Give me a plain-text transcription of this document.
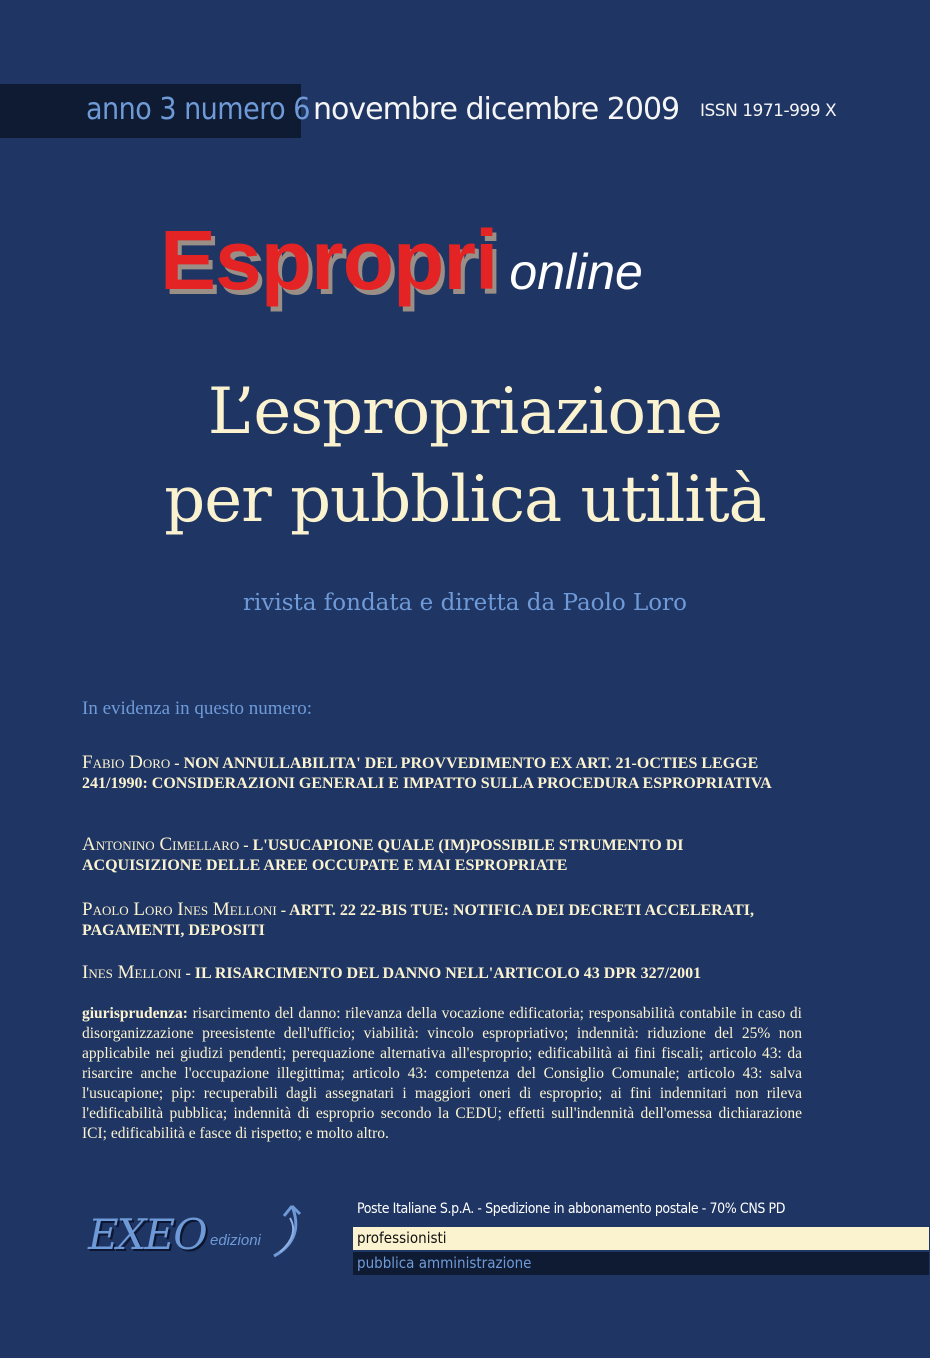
anno 3 numero 6 novembre dicembre 2009 ISSN 1971-999 X
Espropri online
L’espropriazione
per pubblica utilità
rivista fondata e diretta da Paolo Loro
In evidenza in questo numero:
Fabio Doro - NON ANNULLABILITA' DEL PROVVEDIMENTO EX ART. 21-OCTIES LEGGE 241/1990: CONSIDERAZIONI GENERALI E IMPATTO SULLA PROCEDURA ESPROPRIATIVA
Antonino Cimellaro - L'USUCAPIONE QUALE (IM)POSSIBILE STRUMENTO DI ACQUISIZIONE DELLE AREE OCCUPATE E MAI ESPROPRIATE
Paolo Loro Ines Melloni - ARTT. 22 22-BIS TUE: NOTIFICA DEI DECRETI ACCELERATI, PAGAMENTI, DEPOSITI
Ines Melloni - IL RISARCIMENTO DEL DANNO NELL'ARTICOLO 43 DPR 327/2001
giurisprudenza: risarcimento del danno: rilevanza della vocazione edificatoria; responsabilità contabile in caso di disorganizzazione preesistente dell'ufficio; viabilità: vincolo espropriativo; indennità: riduzione del 25% non applicabile nei giudizi pendenti; perequazione alternativa all'esproprio; edificabilità ai fini fiscali; articolo 43: da risarcire anche l'occupazione illegittima; articolo 43: competenza del Consiglio Comunale; articolo 43: salva l'usucapione; pip: recuperabili dagli assegnatari i maggiori oneri di esproprio; ai fini indennitari non rileva l'edificabilità pubblica; indennità di esproprio secondo la CEDU; effetti sull'indennità dell'omessa dichiarazione ICI; edificabilità e fasce di rispetto; e molto altro.
EXEO edizioni
Poste Italiane S.p.A. - Spedizione in abbonamento postale - 70% CNS PD
professionisti
pubblica amministrazione
